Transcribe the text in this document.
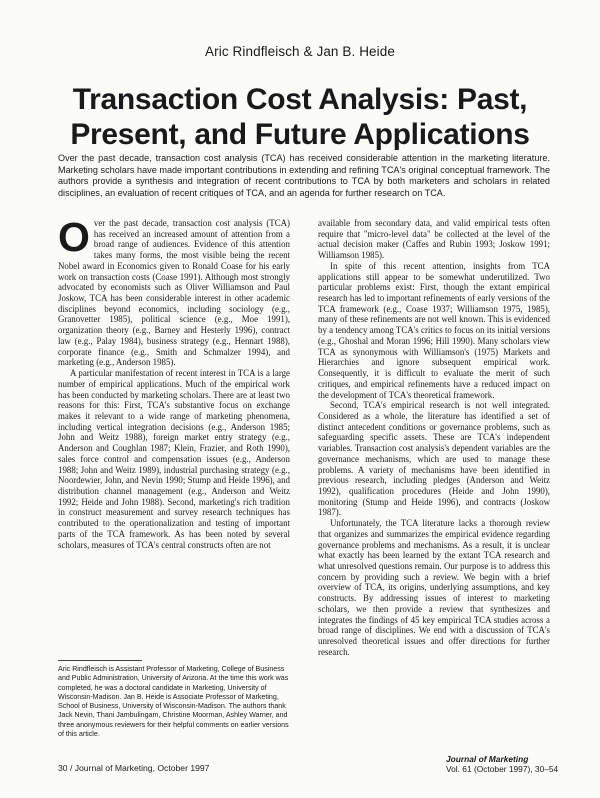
Aric Rindfleisch & Jan B. Heide
Transaction Cost Analysis: Past,
Present, and Future Applications

Over the past decade, transaction cost analysis (TCA) has received considerable attention in the marketing literature. Marketing scholars have made important contributions in extending and refining TCA's original conceptual framework. The authors provide a synthesis and integration of recent contributions to TCA by both marketers and scholars in related disciplines, an evaluation of recent critiques of TCA, and an agenda for further research on TCA.

Over the past decade, transaction cost analysis (TCA) has received an increased amount of attention from a broad range of audiences. Evidence of this attention takes many forms, the most visible being the recent Nobel award in Economics given to Ronald Coase for his early work on transaction costs (Coase 1991). Although most strongly advocated by economists such as Oliver Williamson and Paul Joskow, TCA has been considerable interest in other academic disciplines beyond economics, including sociology (e.g., Granovetter 1985), political science (e.g., Moe 1991), organization theory (e.g., Barney and Hesterly 1996), contract law (e.g., Palay 1984), business strategy (e.g., Hennart 1988), corporate finance (e.g., Smith and Schmalzer 1994), and marketing (e.g., Anderson 1985).

A particular manifestation of recent interest in TCA is a large number of empirical applications. Much of the empirical work has been conducted by marketing scholars. There are at least two reasons for this: First, TCA's substantive focus on exchange makes it relevant to a wide range of marketing phenomena, including vertical integration decisions (e.g., Anderson 1985; John and Weitz 1988), foreign market entry strategy (e.g., Anderson and Coughlan 1987; Klein, Frazier, and Roth 1990), sales force control and compensation issues (e.g., Anderson 1988; John and Weitz 1989), industrial purchasing strategy (e.g., Noordewier, John, and Nevin 1990; Stump and Heide 1996), and distribution channel management (e.g., Anderson and Weitz 1992; Heide and John 1988). Second, marketing's rich tradition in construct measurement and survey research techniques has contributed to the operationalization and testing of important parts of the TCA framework. As has been noted by several scholars, measures of TCA's central constructs often are not

available from secondary data, and valid empirical tests often require that "micro-level data" be collected at the level of the actual decision maker (Caffes and Rubin 1993; Joskow 1991; Williamson 1985).

In spite of this recent attention, insights from TCA applications still appear to be somewhat underutilized. Two particular problems exist: First, though the extant empirical research has led to important refinements of early versions of the TCA framework (e.g., Coase 1937; Williamson 1975, 1985), many of these refinements are not well known. This is evidenced by a tendency among TCA's critics to focus on its initial versions (e.g., Ghoshal and Moran 1996; Hill 1990). Many scholars view TCA as synonymous with Williamson's (1975) Markets and Hierarchies and ignore subsequent empirical work. Consequently, it is difficult to evaluate the merit of such critiques, and empirical refinements have a reduced impact on the development of TCA's theoretical framework.

Second, TCA's empirical research is not well integrated. Considered as a whole, the literature has identified a set of distinct antecedent conditions or governance problems, such as safeguarding specific assets. These are TCA's independent variables. Transaction cost analysis's dependent variables are the governance mechanisms, which are used to manage these problems. A variety of mechanisms have been identified in previous research, including pledges (Anderson and Weitz 1992), qualification procedures (Heide and John 1990), monitoring (Stump and Heide 1996), and contracts (Joskow 1987).

Unfortunately, the TCA literature lacks a thorough review that organizes and summarizes the empirical evidence regarding governance problems and mechanisms. As a result, it is unclear what exactly has been learned by the extant TCA research and what unresolved questions remain. Our purpose is to address this concern by providing such a review. We begin with a brief overview of TCA, its origins, underlying assumptions, and key constructs. By addressing issues of interest to marketing scholars, we then provide a review that synthesizes and integrates the findings of 45 key empirical TCA studies across a broad range of disciplines. We end with a discussion of TCA's unresolved theoretical issues and offer directions for further research.

Aric Rindfleisch is Assistant Professor of Marketing, College of Business and Public Administration, University of Arizona. At the time this work was completed, he was a doctoral candidate in Marketing, University of Wisconsin-Madison. Jan B. Heide is Associate Professor of Marketing, School of Business, University of Wisconsin-Madison. The authors thank Jack Nevin, Thani Jambulingam, Christine Moorman, Ashley Warner, and three anonymous reviewers for their helpful comments on earlier versions of this article.

30 / Journal of Marketing, October 1997
Journal of Marketing
Vol. 61 (October 1997), 30–54
